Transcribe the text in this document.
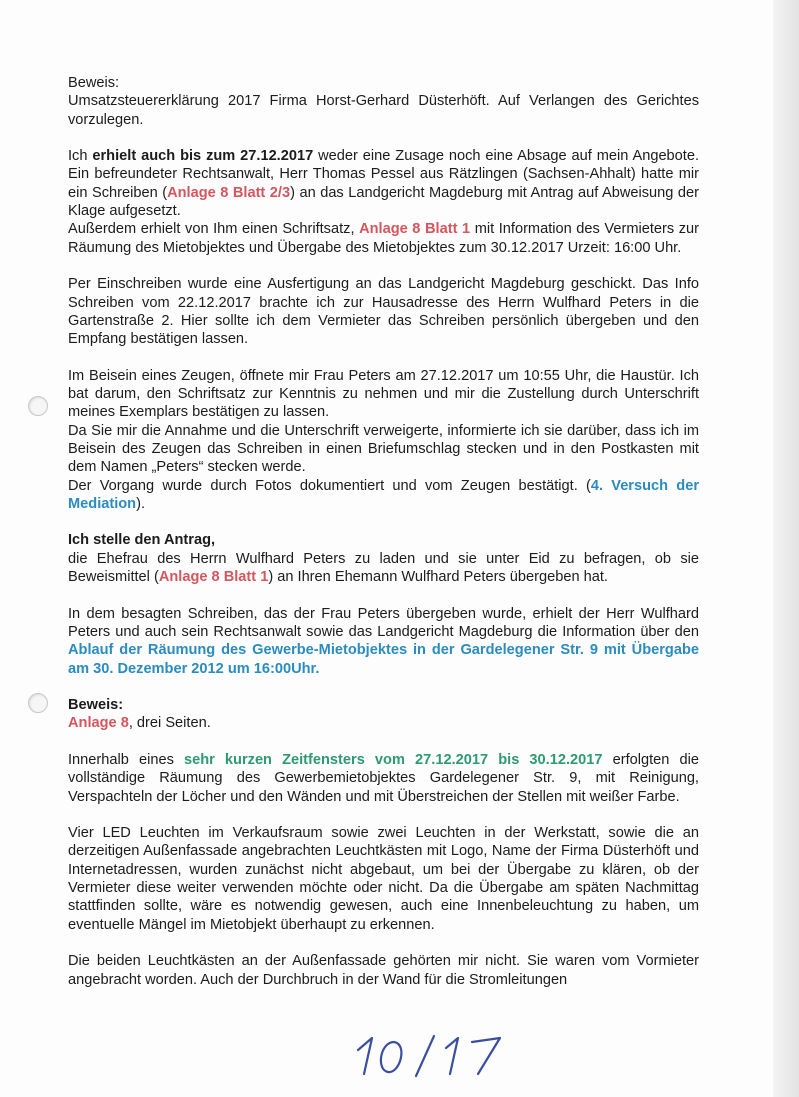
Beweis:
Umsatzsteuererklärung 2017 Firma Horst-Gerhard Düsterhöft. Auf Verlangen des Gerichtes vorzulegen.

Ich erhielt auch bis zum 27.12.2017 weder eine Zusage noch eine Absage auf mein Angebote. Ein befreundeter Rechtsanwalt, Herr Thomas Pessel aus Rätzlingen (Sachsen-Ahhalt) hatte mir ein Schreiben (Anlage 8 Blatt 2/3) an das Landgericht Magdeburg mit Antrag auf Abweisung der Klage aufgesetzt.
Außerdem erhielt von Ihm einen Schriftsatz, Anlage 8 Blatt 1 mit Information des Vermieters zur Räumung des Mietobjektes und Übergabe des Mietobjektes zum 30.12.2017 Urzeit: 16:00 Uhr.

Per Einschreiben wurde eine Ausfertigung an das Landgericht Magdeburg geschickt. Das Info Schreiben vom 22.12.2017 brachte ich zur Hausadresse des Herrn Wulfhard Peters in die Gartenstraße 2. Hier sollte ich dem Vermieter das Schreiben persönlich übergeben und den Empfang bestätigen lassen.

Im Beisein eines Zeugen, öffnete mir Frau Peters am 27.12.2017 um 10:55 Uhr, die Haustür. Ich bat darum, den Schriftsatz zur Kenntnis zu nehmen und mir die Zustellung durch Unterschrift meines Exemplars bestätigen zu lassen.
Da Sie mir die Annahme und die Unterschrift verweigerte, informierte ich sie darüber, dass ich im Beisein des Zeugen das Schreiben in einen Briefumschlag stecken und in den Postkasten mit dem Namen „Peters“ stecken werde.
Der Vorgang wurde durch Fotos dokumentiert und vom Zeugen bestätigt. (4. Versuch der Mediation).

Ich stelle den Antrag,
die Ehefrau des Herrn Wulfhard Peters zu laden und sie unter Eid zu befragen, ob sie Beweismittel (Anlage 8 Blatt 1) an Ihren Ehemann Wulfhard Peters übergeben hat.

In dem besagten Schreiben, das der Frau Peters übergeben wurde, erhielt der Herr Wulfhard Peters und auch sein Rechtsanwalt sowie das Landgericht Magdeburg die Information über den Ablauf der Räumung des Gewerbe-Mietobjektes in der Gardelegener Str. 9 mit Übergabe am 30. Dezember 2012 um 16:00Uhr.

Beweis:
Anlage 8, drei Seiten.

Innerhalb eines sehr kurzen Zeitfensters vom 27.12.2017 bis 30.12.2017 erfolgten die vollständige Räumung des Gewerbemietobjektes Gardelegener Str. 9, mit Reinigung, Verspachteln der Löcher und den Wänden und mit Überstreichen der Stellen mit weißer Farbe.

Vier LED Leuchten im Verkaufsraum sowie zwei Leuchten in der Werkstatt, sowie die an derzeitigen Außenfassade angebrachten Leuchtkästen mit Logo, Name der Firma Düsterhöft und Internetadressen, wurden zunächst nicht abgebaut, um bei der Übergabe zu klären, ob der Vermieter diese weiter verwenden möchte oder nicht. Da die Übergabe am späten Nachmittag stattfinden sollte, wäre es notwendig gewesen, auch eine Innenbeleuchtung zu haben, um eventuelle Mängel im Mietobjekt überhaupt zu erkennen.

Die beiden Leuchtkästen an der Außenfassade gehörten mir nicht. Sie waren vom Vormieter angebracht worden. Auch der Durchbruch in der Wand für die Stromleitungen
